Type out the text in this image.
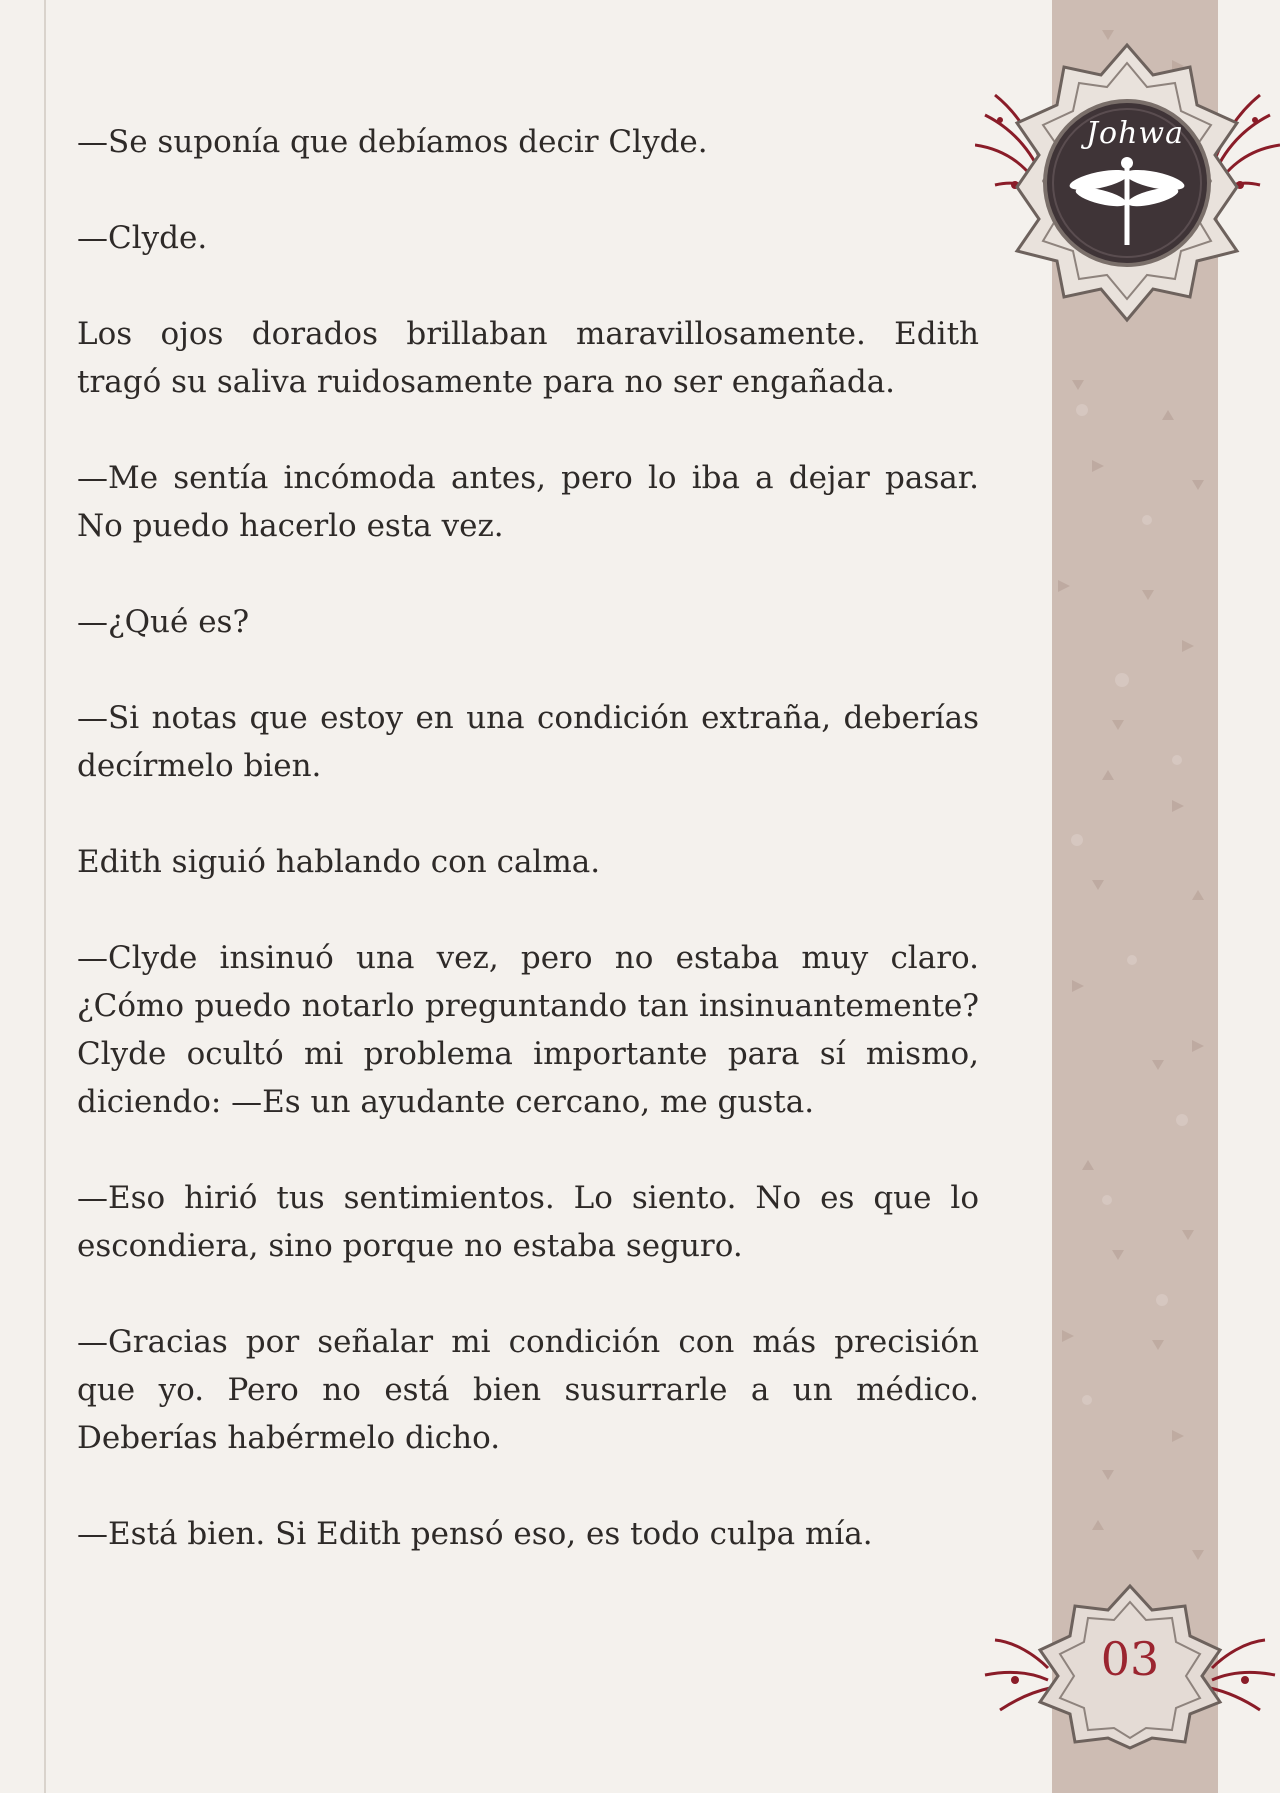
—Se suponía que debíamos decir Clyde.

—Clyde.

Los ojos dorados brillaban maravillosamente. Edith tragó su saliva ruidosamente para no ser engañada.

—Me sentía incómoda antes, pero lo iba a dejar pasar. No puedo hacerlo esta vez.

—¿Qué es?

—Si notas que estoy en una condición extraña, deberías decírmelo bien.

Edith siguió hablando con calma.

—Clyde insinuó una vez, pero no estaba muy claro. ¿Cómo puedo notarlo preguntando tan insinuantemente? Clyde ocultó mi problema importante para sí mismo, diciendo: —Es un ayudante cercano, me gusta.

—Eso hirió tus sentimientos. Lo siento. No es que lo escondiera, sino porque no estaba seguro.

—Gracias por señalar mi condición con más precisión que yo. Pero no está bien susurrarle a un médico. Deberías habérmelo dicho.

—Está bien. Si Edith pensó eso, es todo culpa mía.

Johwa
03
